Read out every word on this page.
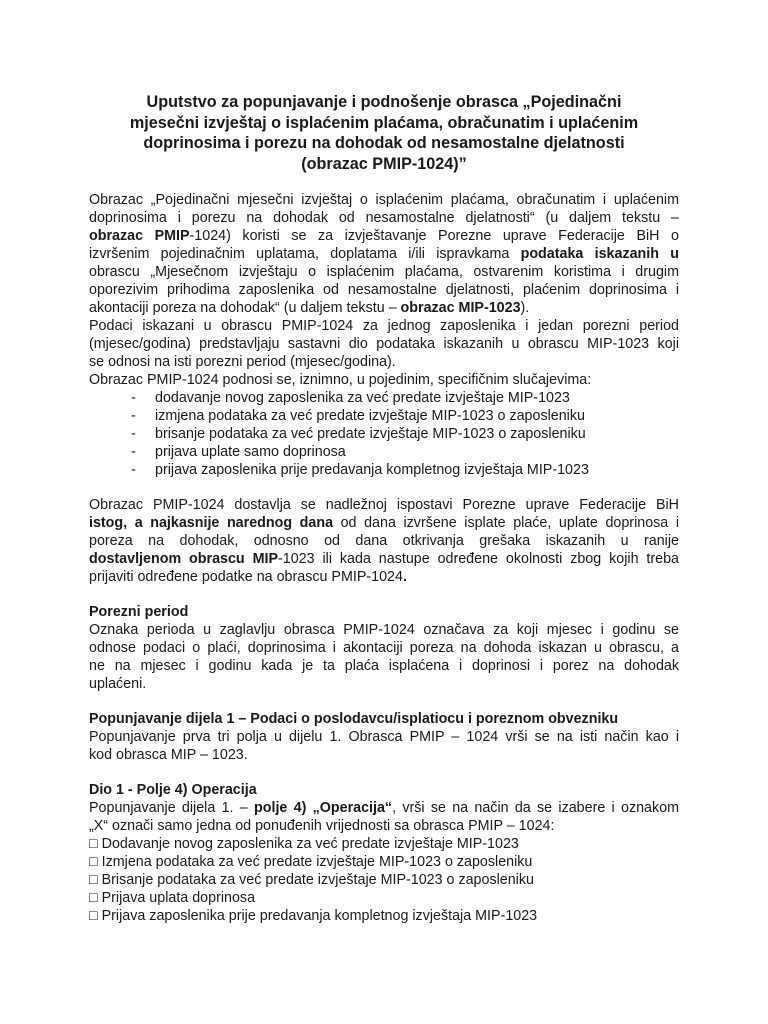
Uputstvo za popunjavanje i podnošenje obrasca „Pojedinačni
mjesečni izvještaj o isplaćenim plaćama, obračunatim i uplaćenim
doprinosima i porezu na dohodak od nesamostalne djelatnosti
(obrazac PMIP-1024)”
Obrazac „Pojedinačni mjesečni izvještaj o isplaćenim plaćama, obračunatim i uplaćenim
doprinosima i porezu na dohodak od nesamostalne djelatnosti“ (u daljem tekstu –
obrazac PMIP-1024) koristi se za izvještavanje Porezne uprave Federacije BiH o
izvršenim pojedinačnim uplatama, doplatama i/ili ispravkama podataka iskazanih u
obrascu „Mjesečnom izvještaju o isplaćenim plaćama, ostvarenim koristima i drugim
oporezivim prihodima zaposlenika od nesamostalne djelatnosti, plaćenim doprinosima i
akontaciji poreza na dohodak“ (u daljem tekstu – obrazac MIP-1023).
Podaci iskazani u obrascu PMIP-1024 za jednog zaposlenika i jedan porezni period
(mjesec/godina) predstavljaju sastavni dio podataka iskazanih u obrascu MIP-1023 koji
se odnosi na isti porezni period (mjesec/godina).
Obrazac PMIP-1024 podnosi se, iznimno, u pojedinim, specifičnim slučajevima:
-	dodavanje novog zaposlenika za već predate izvještaje MIP-1023
-	izmjena podataka za već predate izvještaje MIP-1023 o zaposleniku
-	brisanje podataka za već predate izvještaje MIP-1023 o zaposleniku
-	prijava uplate samo doprinosa
-	prijava zaposlenika prije predavanja kompletnog izvještaja MIP-1023
Obrazac PMIP-1024 dostavlja se nadležnoj ispostavi Porezne uprave Federacije BiH
istog, a najkasnije narednog dana od dana izvršene isplate plaće, uplate doprinosa i
poreza na dohodak, odnosno od dana otkrivanja grešaka iskazanih u ranije
dostavljenom obrascu MIP-1023 ili kada nastupe određene okolnosti zbog kojih treba
prijaviti određene podatke na obrascu PMIP-1024.
Porezni period
Oznaka perioda u zaglavlju obrasca PMIP-1024 označava za koji mjesec i godinu se
odnose podaci o plaći, doprinosima i akontaciji poreza na dohoda iskazan u obrascu, a
ne na mjesec i godinu kada je ta plaća isplaćena i doprinosi i porez na dohodak
uplaćeni.
Popunjavanje dijela 1 – Podaci o poslodavcu/isplatiocu i poreznom obvezniku
Popunjavanje prva tri polja u dijelu 1. Obrasca PMIP – 1024 vrši se na isti način kao i
kod obrasca MIP – 1023.
Dio 1 - Polje 4) Operacija
Popunjavanje dijela 1. – polje 4) „Operacija“, vrši se na način da se izabere i oznakom
„X“ označi samo jedna od ponuđenih vrijednosti sa obrasca PMIP – 1024:
□ Dodavanje novog zaposlenika za već predate izvještaje MIP-1023
□ Izmjena podataka za već predate izvještaje MIP-1023 o zaposleniku
□ Brisanje podataka za već predate izvještaje MIP-1023 o zaposleniku
□ Prijava uplata doprinosa
□ Prijava zaposlenika prije predavanja kompletnog izvještaja MIP-1023
